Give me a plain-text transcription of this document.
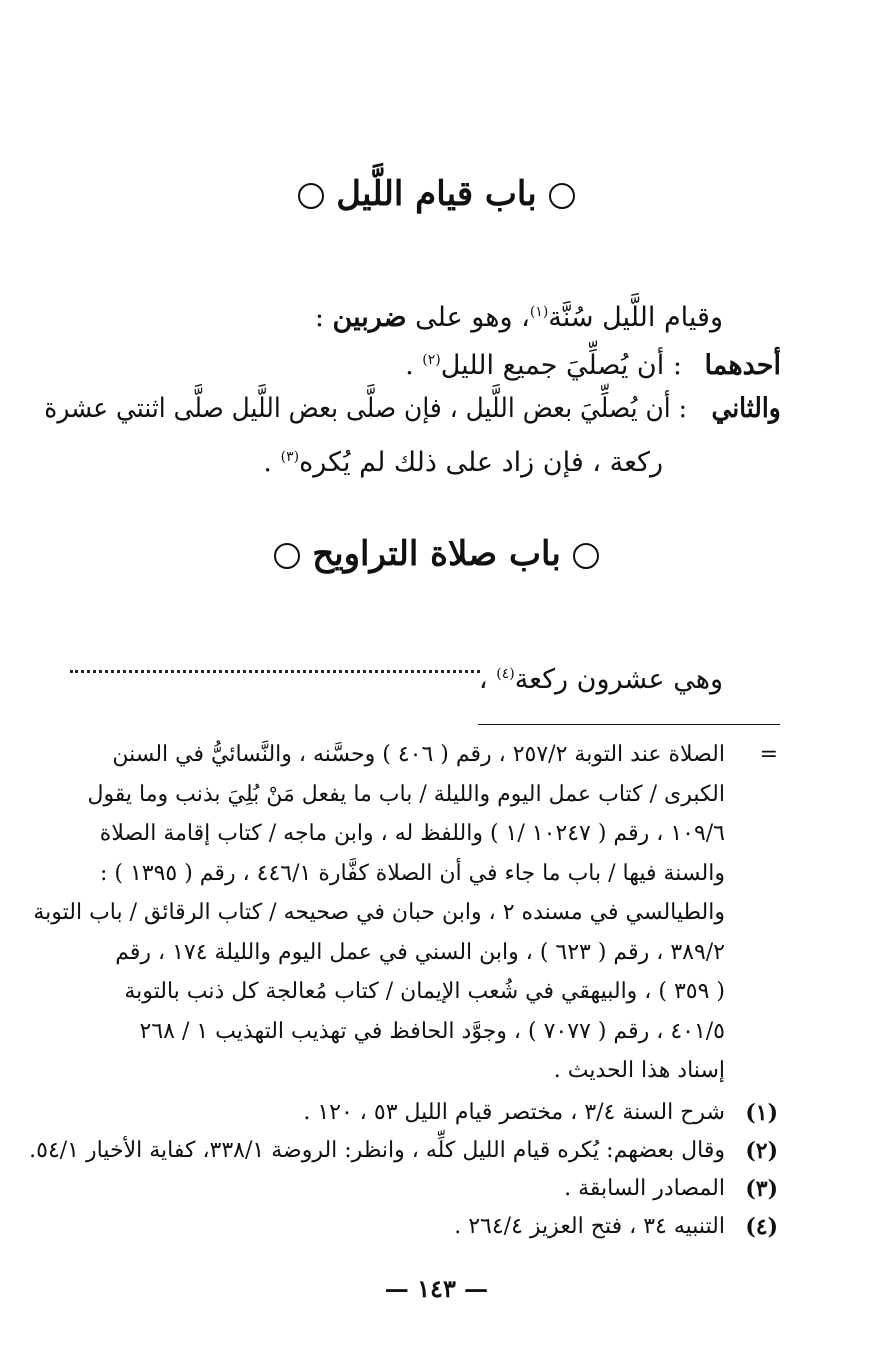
باب قيام اللَّيل
وقيام اللَّيل سُنَّة$^{(١)}$، وهو على ضربين :
أحدهما : أن يُصلِّيَ جميع الليل$^{(٢)}$ .
والثاني : أن يُصلِّيَ بعض اللَّيل ، فإن صلَّى بعض اللَّيل صلَّى اثنتي عشرة
ركعة ، فإن زاد على ذلك لم يُكره$^{(٣)}$ .
باب صلاة التراويح
وهي عشرون ركعة$^{(٤)}$ ،
=
الصلاة عند التوبة ٢٥٧/٢ ، رقم ( ٤٠٦ ) وحسَّنه ، والنَّسائيُّ في السنن
الكبرى / كتاب عمل اليوم والليلة / باب ما يفعل مَنْ بُلِيَ بذنب وما يقول
١٠٩/٦ ، رقم ( ١٠٢٤٧ /١ ) واللفظ له ، وابن ماجه / كتاب إقامة الصلاة
والسنة فيها / باب ما جاء في أن الصلاة كفَّارة ٤٤٦/١ ، رقم ( ١٣٩٥ ) :
والطيالسي في مسنده ٢ ، وابن حبان في صحيحه / كتاب الرقائق / باب التوبة
٣٨٩/٢ ، رقم ( ٦٢٣ ) ، وابن السني في عمل اليوم والليلة ١٧٤ ، رقم
( ٣٥٩ ) ، والبيهقي في شُعب الإيمان / كتاب مُعالجة كل ذنب بالتوبة
٤٠١/٥ ، رقم ( ٧٠٧٧ ) ، وجوَّد الحافظ في تهذيب التهذيب ١ / ٢٦٨
إسناد هذا الحديث .
(١)
شرح السنة ٣/٤ ، مختصر قيام الليل ٥٣ ، ١٢٠ .
(٢)
وقال بعضهم: يُكره قيام الليل كلِّه ، وانظر: الروضة ٣٣٨/١، كفاية الأخيار ٥٤/١.
(٣)
المصادر السابقة .
(٤)
التنبيه ٣٤ ، فتح العزيز ٢٦٤/٤ .
— ١٤٣ —
